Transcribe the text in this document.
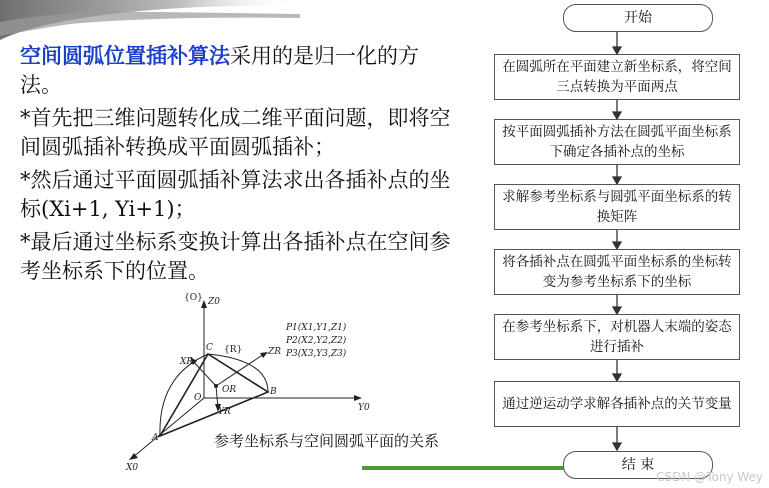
空间圆弧位置插补算法采用的是归一化的方法。

*首先把三维问题转化成二维平面问题，即将空间圆弧插补转换成平面圆弧插补；

*然后通过平面圆弧插补算法求出各插补点的坐标(Xi+1, Yi+1)；

*最后通过坐标系变换计算出各插补点在空间参考坐标系下的位置。

{O} Z0
{R}
C	ZR
XR
OR
O
YR
B
Y0
A
X0
P1(X1,Y1,Z1)
P2(X2,Y2,Z2)
P3(X3,Y3,Z3)
参考坐标系与空间圆弧平面的关系
开始
在圆弧所在平面建立新坐标系，将空间三点转换为平面两点
按平面圆弧插补方法在圆弧平面坐标系下确定各插补点的坐标
求解参考坐标系与圆弧平面坐标系的转换矩阵
将各插补点在圆弧平面坐标系的坐标转变为参考坐标系下的坐标
在参考坐标系下，对机器人末端的姿态进行插补
通过逆运动学求解各插补点的关节变量
结 束
CSDN @Tony Wey
